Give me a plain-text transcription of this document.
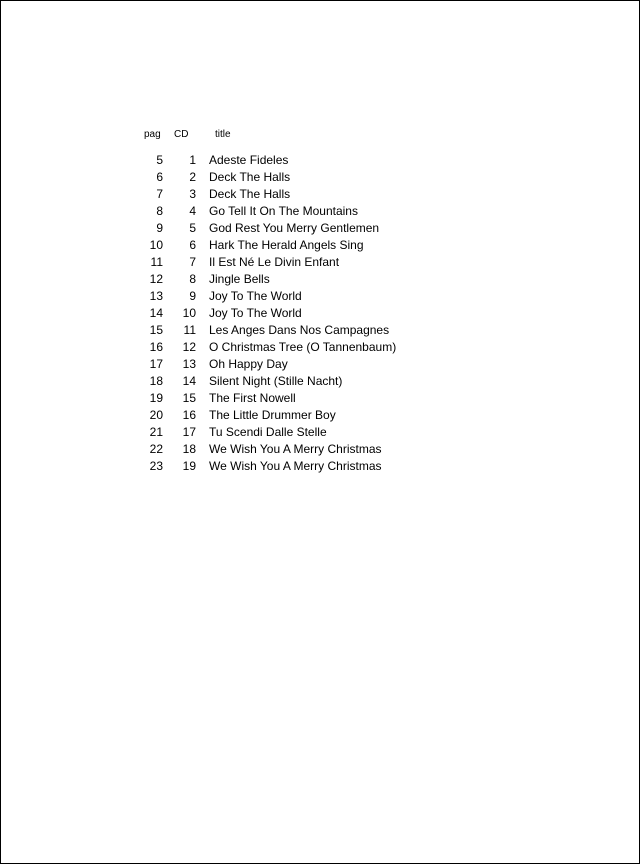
pag	CD	title
5	1	Adeste Fideles
6	2	Deck The Halls
7	3	Deck The Halls
8	4	Go Tell It On The Mountains
9	5	God Rest You Merry Gentlemen
10	6	Hark The Herald Angels Sing
11	7	Il Est Né Le Divin Enfant
12	8	Jingle Bells
13	9	Joy To The World
14	10	Joy To The World
15	11	Les Anges Dans Nos Campagnes
16	12	O Christmas Tree (O Tannenbaum)
17	13	Oh Happy Day
18	14	Silent Night (Stille Nacht)
19	15	The First Nowell
20	16	The Little Drummer Boy
21	17	Tu Scendi Dalle Stelle
22	18	We Wish You A Merry Christmas
23	19	We Wish You A Merry Christmas
